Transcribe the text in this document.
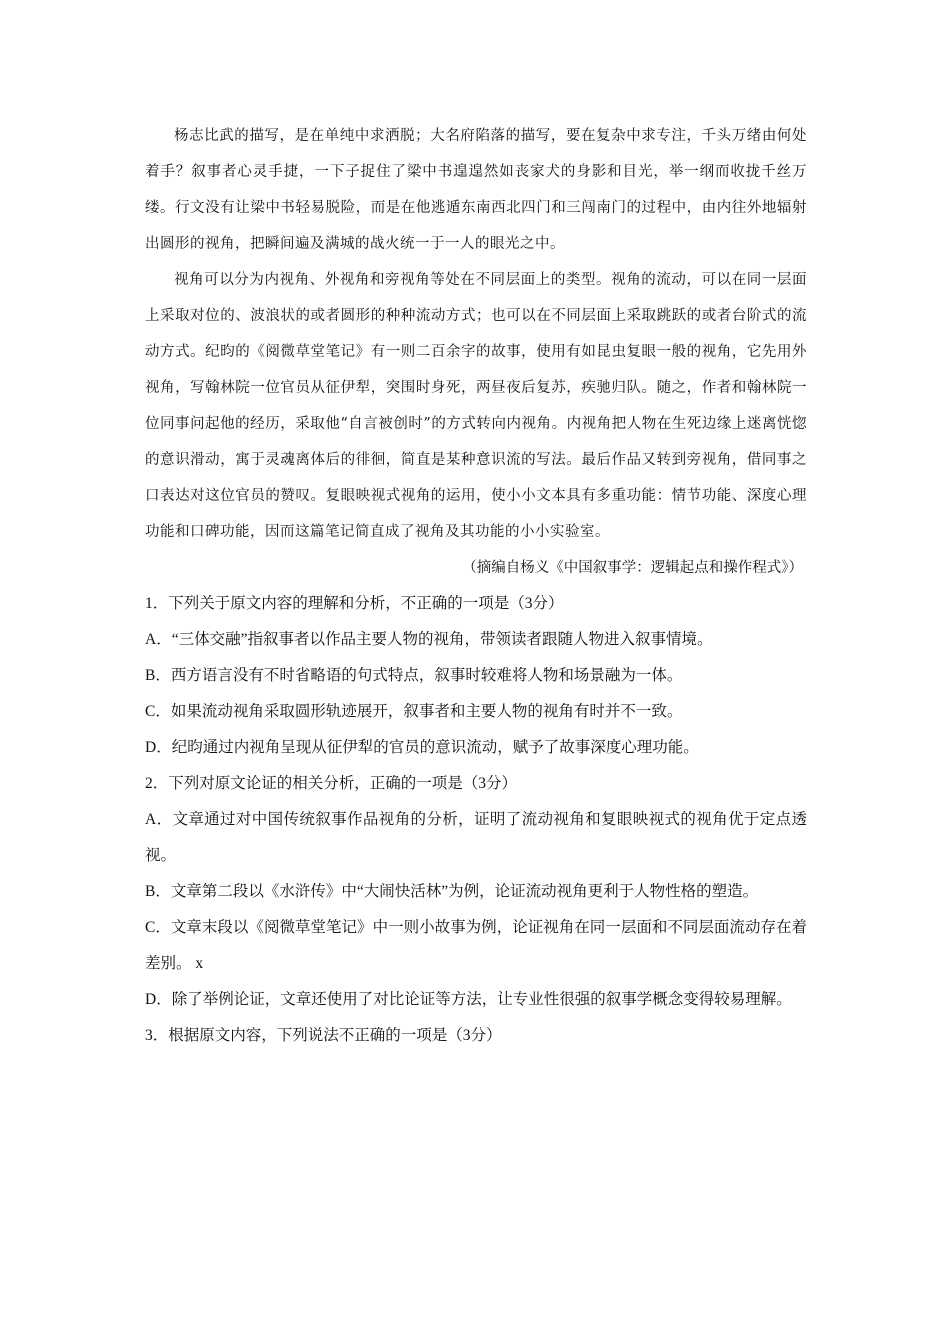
杨志比武的描写，是在单纯中求洒脱；大名府陷落的描写，要在复杂中求专注，千头万绪由何处着手？叙事者心灵手捷，一下子捉住了梁中书遑遑然如丧家犬的身影和目光，举一纲而收拢千丝万缕。行文没有让梁中书轻易脱险，而是在他逃遁东南西北四门和三闯南门的过程中，由内往外地辐射出圆形的视角，把瞬间遍及满城的战火统一于一人的眼光之中。

视角可以分为内视角、外视角和旁视角等处在不同层面上的类型。视角的流动，可以在同一层面上采取对位的、波浪状的或者圆形的种种流动方式；也可以在不同层面上采取跳跃的或者台阶式的流动方式。纪昀的《阅微草堂笔记》有一则二百余字的故事，使用有如昆虫复眼一般的视角，它先用外视角，写翰林院一位官员从征伊犁，突围时身死，两昼夜后复苏，疾驰归队。随之，作者和翰林院一位同事问起他的经历，采取他“自言被创时”的方式转向内视角。内视角把人物在生死边缘上迷离恍惚的意识滑动，寓于灵魂离体后的徘徊，简直是某种意识流的写法。最后作品又转到旁视角，借同事之口表达对这位官员的赞叹。复眼映视式视角的运用，使小小文本具有多重功能：情节功能、深度心理功能和口碑功能，因而这篇笔记简直成了视角及其功能的小小实验室。

（摘编自杨义《中国叙事学：逻辑起点和操作程式》）

1．下列关于原文内容的理解和分析，不正确的一项是（3分）

A．“三体交融”指叙事者以作品主要人物的视角，带领读者跟随人物进入叙事情境。

B．西方语言没有不时省略语的句式特点，叙事时较难将人物和场景融为一体。

C．如果流动视角采取圆形轨迹展开，叙事者和主要人物的视角有时并不一致。

D．纪昀通过内视角呈现从征伊犁的官员的意识流动，赋予了故事深度心理功能。

2．下列对原文论证的相关分析，正确的一项是（3分）

A．文章通过对中国传统叙事作品视角的分析，证明了流动视角和复眼映视式的视角优于定点透视。

B．文章第二段以《水浒传》中“大闹快活林”为例，论证流动视角更利于人物性格的塑造。

C．文章末段以《阅微草堂笔记》中一则小故事为例，论证视角在同一层面和不同层面流动存在着差别。 x

D．除了举例论证，文章还使用了对比论证等方法，让专业性很强的叙事学概念变得较易理解。

3．根据原文内容，下列说法不正确的一项是（3分）
